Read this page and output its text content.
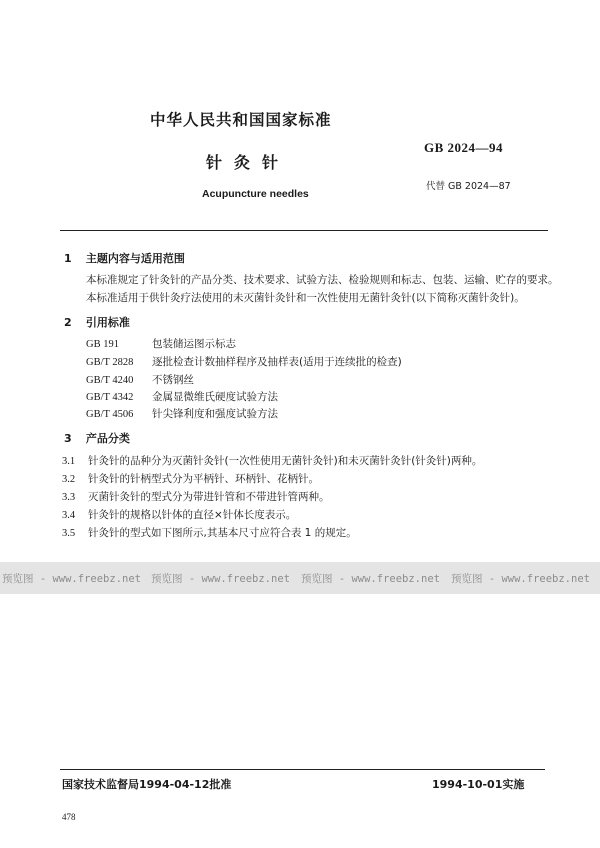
中华人民共和国国家标准
GB 2024—94
针灸针
代替 GB 2024—87
Acupuncture needles
1 主题内容与适用范围
本标准规定了针灸针的产品分类、技术要求、试验方法、检验规则和标志、包装、运输、贮存的要求。
本标准适用于供针灸疗法使用的未灭菌针灸针和一次性使用无菌针灸针(以下简称灭菌针灸针)。
2 引用标准
GB 191	包装储运图示标志
GB/T 2828 逐批检查计数抽样程序及抽样表(适用于连续批的检查)
GB/T 4240 不锈钢丝
GB/T 4342 金属显微维氏硬度试验方法
GB/T 4506 针尖锋利度和强度试验方法
3 产品分类
3.1 针灸针的品种分为灭菌针灸针(一次性使用无菌针灸针)和未灭菌针灸针(针灸针)两种。
3.2 针灸针的针柄型式分为平柄针、环柄针、花柄针。
3.3 灭菌针灸针的型式分为带进针管和不带进针管两种。
3.4 针灸针的规格以针体的直径×针体长度表示。
3.5 针灸针的型式如下图所示,其基本尺寸应符合表 1 的规定。
预览图 - www.freebz.net 预览图 - www.freebz.net 预览图 - www.freebz.net 预览图 - www.freebz.net
国家技术监督局1994-04-12批准	1994-10-01实施
478
